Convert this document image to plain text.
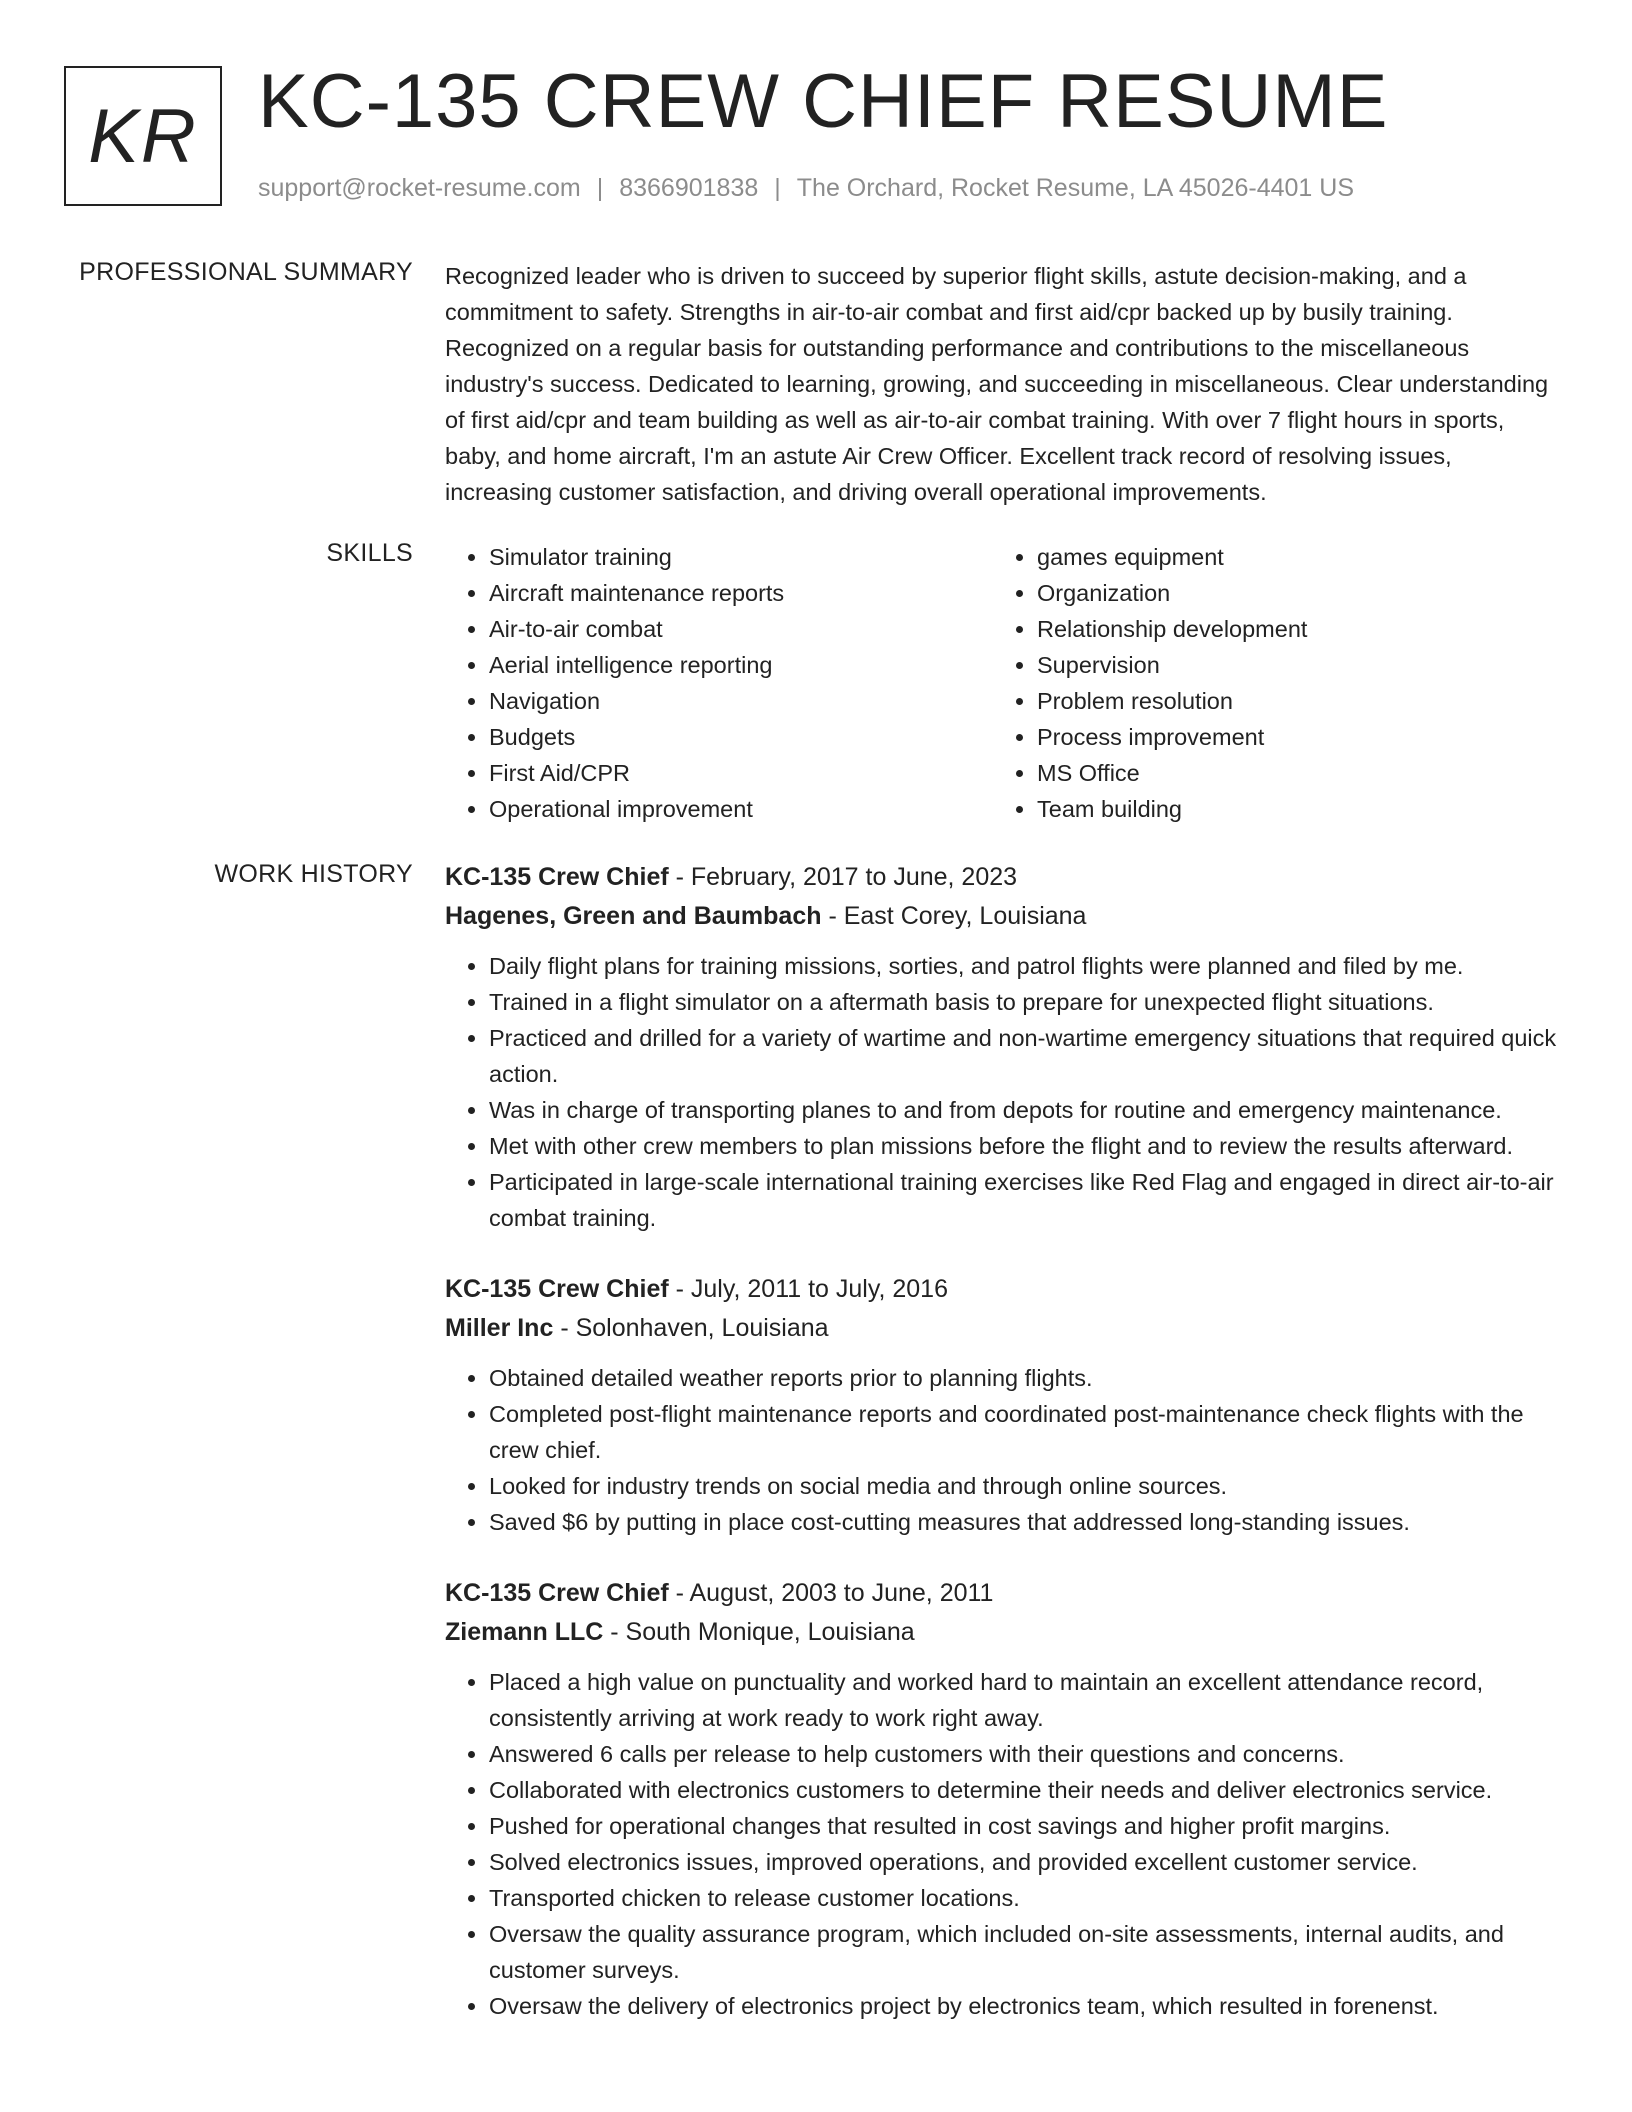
KR KC-135 CREW CHIEF RESUME
support@rocket-resume.com | 8366901838 | The Orchard, Rocket Resume, LA 45026-4401 US
PROFESSIONAL SUMMARY Recognized leader who is driven to succeed by superior flight skills, astute decision-making, and a commitment to safety. Strengths in air-to-air combat and first aid/cpr backed up by busily training. Recognized on a regular basis for outstanding performance and contributions to the miscellaneous industry's success. Dedicated to learning, growing, and succeeding in miscellaneous. Clear understanding of first aid/cpr and team building as well as air-to-air combat training. With over 7 flight hours in sports, baby, and home aircraft, I'm an astute Air Crew Officer. Excellent track record of resolving issues, increasing customer satisfaction, and driving overall operational improvements.

SKILLS
•	Simulator training
• Aircraft maintenance reports
• Air-to-air combat
• Aerial intelligence reporting
• Navigation
• Budgets
• First Aid/CPR
• Operational improvement
• games equipment
• Organization
• Relationship development
• Supervision
• Problem resolution
• Process improvement
• MS Office
• Team building
WORK HISTORY KC-135 Crew Chief - February, 2017 to June, 2023

Hagenes, Green and Baumbach - East Corey, Louisiana

• Daily flight plans for training missions, sorties, and patrol flights were planned and filed by me.
• Trained in a flight simulator on a aftermath basis to prepare for unexpected flight situations.
• Practiced and drilled for a variety of wartime and non-wartime emergency situations that required quick action.
• Was in charge of transporting planes to and from depots for routine and emergency maintenance.
• Met with other crew members to plan missions before the flight and to review the results afterward.
• Participated in large-scale international training exercises like Red Flag and engaged in direct air-to-air combat training.

KC-135 Crew Chief - July, 2011 to July, 2016

Miller Inc - Solonhaven, Louisiana

• Obtained detailed weather reports prior to planning flights.
• Completed post-flight maintenance reports and coordinated post-maintenance check flights with the crew chief.
• Looked for industry trends on social media and through online sources.
• Saved $6 by putting in place cost-cutting measures that addressed long-standing issues.

KC-135 Crew Chief - August, 2003 to June, 2011

Ziemann LLC - South Monique, Louisiana

• Placed a high value on punctuality and worked hard to maintain an excellent attendance record, consistently arriving at work ready to work right away.
• Answered 6 calls per release to help customers with their questions and concerns.
• Collaborated with electronics customers to determine their needs and deliver electronics service.
• Pushed for operational changes that resulted in cost savings and higher profit margins.
• Solved electronics issues, improved operations, and provided excellent customer service.
• Transported chicken to release customer locations.
• Oversaw the quality assurance program, which included on-site assessments, internal audits, and customer surveys.
• Oversaw the delivery of electronics project by electronics team, which resulted in forenenst.
